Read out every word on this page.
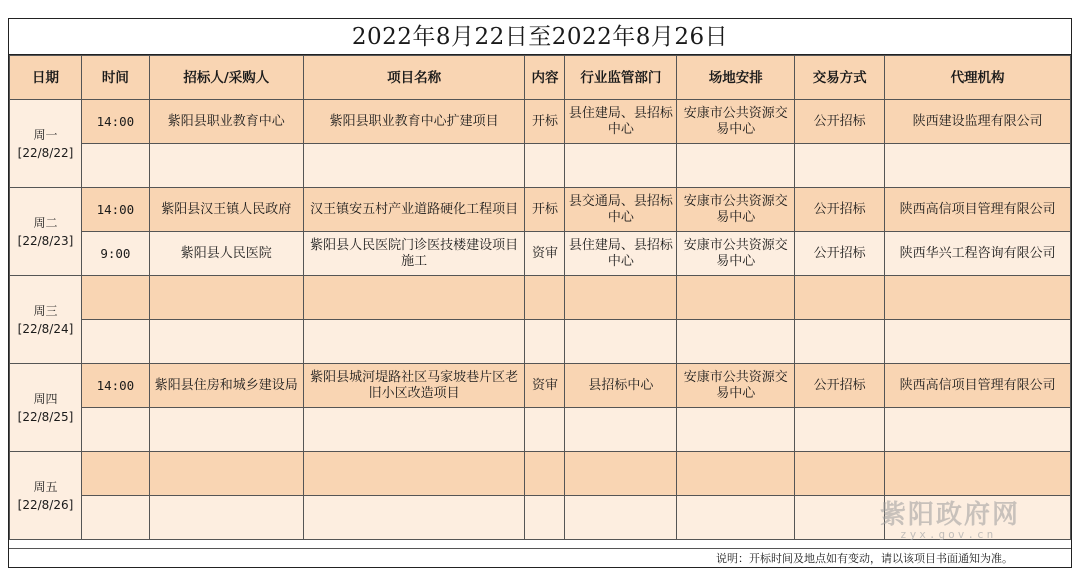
2022年8月22日至2022年8月26日
日期	时间	招标人/采购人	项目名称	内容	行业监管部门	场地安排	交易方式	代理机构

周一
[22/8/22]	14:00	紫阳县职业教育中心	紫阳县职业教育中心扩建项目	开标	县住建局、县招标中心	安康市公共资源交易中心	公开招标	陕西建设监理有限公司

周二
[22/8/23]	14:00	紫阳县汉王镇人民政府	汉王镇安五村产业道路硬化工程项目	开标	县交通局、县招标中心	安康市公共资源交易中心	公开招标	陕西高信项目管理有限公司
	9:00	紫阳县人民医院	紫阳县人民医院门诊医技楼建设项目施工	资审	县住建局、县招标中心	安康市公共资源交易中心	公开招标	陕西华兴工程咨询有限公司

周三
[22/8/24]								

周四
[22/8/25]	14:00	紫阳县住房和城乡建设局	紫阳县城河堤路社区马家坡巷片区老旧小区改造项目	资审	县招标中心	安康市公共资源交易中心	公开招标	陕西高信项目管理有限公司

周五
[22/8/26]								

说明：开标时间及地点如有变动，请以该项目书面通知为准。
紫阳政府网
zyx.gov.cn
